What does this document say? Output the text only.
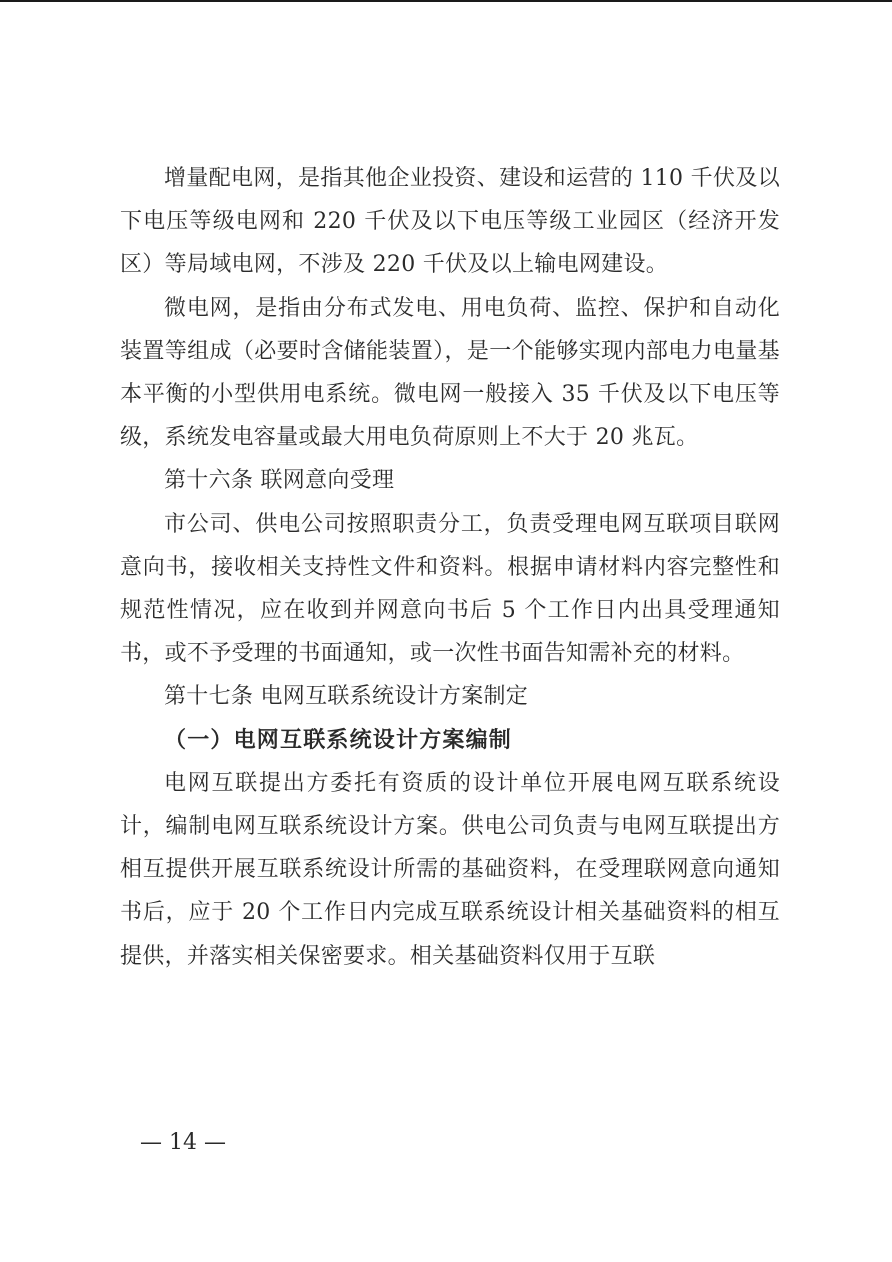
增量配电网，是指其他企业投资、建设和运营的 110 千伏及以下电压等级电网和 220 千伏及以下电压等级工业园区（经济开发区）等局域电网，不涉及 220 千伏及以上输电网建设。

微电网，是指由分布式发电、用电负荷、监控、保护和自动化装置等组成（必要时含储能装置），是一个能够实现内部电力电量基本平衡的小型供用电系统。微电网一般接入 35 千伏及以下电压等级，系统发电容量或最大用电负荷原则上不大于 20 兆瓦。

第十六条 联网意向受理

市公司、供电公司按照职责分工，负责受理电网互联项目联网意向书，接收相关支持性文件和资料。根据申请材料内容完整性和规范性情况，应在收到并网意向书后 5 个工作日内出具受理通知书，或不予受理的书面通知，或一次性书面告知需补充的材料。

第十七条 电网互联系统设计方案制定

（一）电网互联系统设计方案编制

电网互联提出方委托有资质的设计单位开展电网互联系统设计，编制电网互联系统设计方案。供电公司负责与电网互联提出方相互提供开展互联系统设计所需的基础资料，在受理联网意向通知书后，应于 20 个工作日内完成互联系统设计相关基础资料的相互提供，并落实相关保密要求。相关基础资料仅用于互联

— 14 —
